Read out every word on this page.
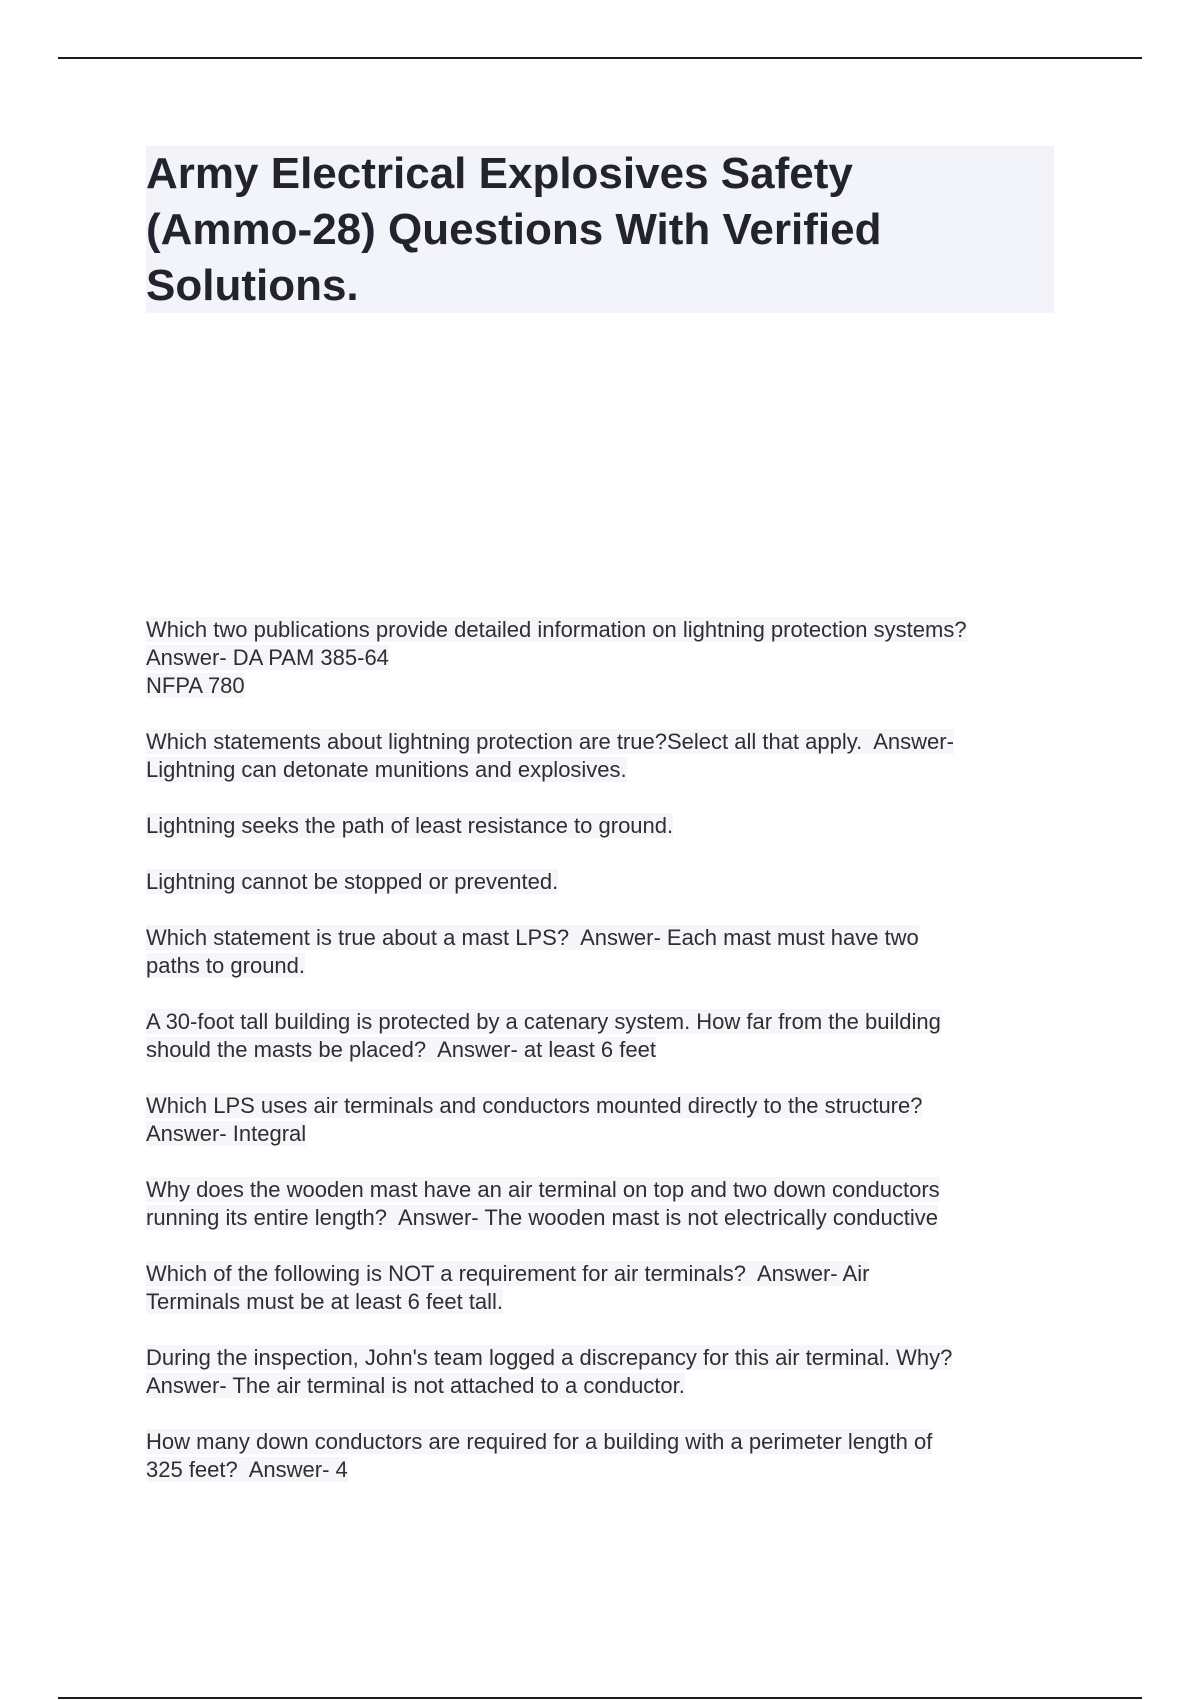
Army Electrical Explosives Safety
(Ammo-28) Questions With Verified
Solutions.

Which two publications provide detailed information on lightning protection systems?
Answer- DA PAM 385-64
NFPA 780

Which statements about lightning protection are true?Select all that apply.  Answer-
Lightning can detonate munitions and explosives.

Lightning seeks the path of least resistance to ground.

Lightning cannot be stopped or prevented.

Which statement is true about a mast LPS?  Answer- Each mast must have two
paths to ground.

A 30-foot tall building is protected by a catenary system. How far from the building
should the masts be placed?  Answer- at least 6 feet

Which LPS uses air terminals and conductors mounted directly to the structure?
Answer- Integral

Why does the wooden mast have an air terminal on top and two down conductors
running its entire length?  Answer- The wooden mast is not electrically conductive

Which of the following is NOT a requirement for air terminals?  Answer- Air
Terminals must be at least 6 feet tall.

During the inspection, John's team logged a discrepancy for this air terminal. Why?
Answer- The air terminal is not attached to a conductor.

How many down conductors are required for a building with a perimeter length of
325 feet?  Answer- 4
